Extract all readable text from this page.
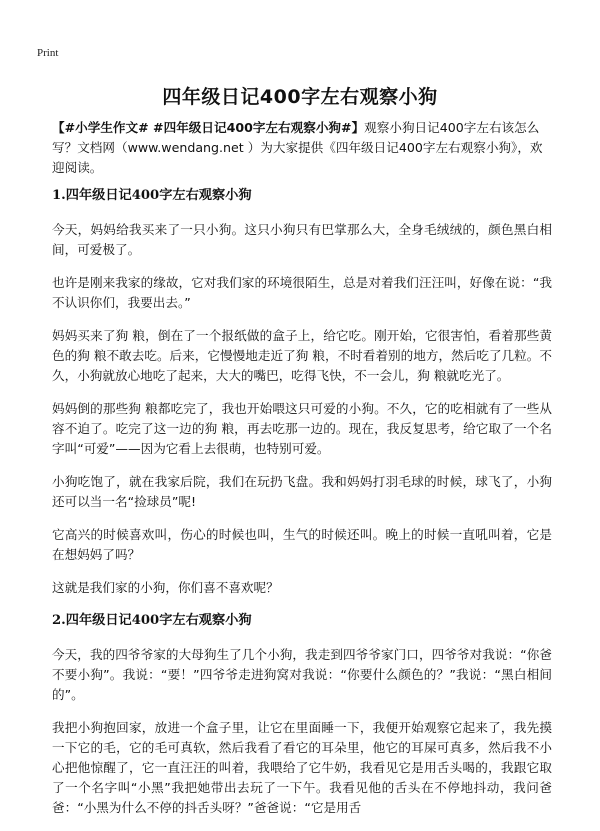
Print
四年级日记400字左右观察小狗

【#小学生作文# #四年级日记400字左右观察小狗#】观察小狗日记400字左右该怎么写？文档网（www.wendang.net ）为大家提供《四年级日记400字左右观察小狗》，欢迎阅读。

1.四年级日记400字左右观察小狗

今天，妈妈给我买来了一只小狗。这只小狗只有巴掌那么大，全身毛绒绒的，颜色黑白相间，可爱极了。

也许是刚来我家的缘故，它对我们家的环境很陌生，总是对着我们汪汪叫，好像在说：“我不认识你们，我要出去。”

妈妈买来了狗 粮，倒在了一个报纸做的盒子上，给它吃。刚开始，它很害怕，看着那些黄色的狗 粮不敢去吃。后来，它慢慢地走近了狗 粮，不时看着别的地方，然后吃了几粒。不久，小狗就放心地吃了起来，大大的嘴巴，吃得飞快，不一会儿，狗 粮就吃光了。

妈妈倒的那些狗 粮都吃完了，我也开始喂这只可爱的小狗。不久，它的吃相就有了一些从容不迫了。吃完了这一边的狗 粮，再去吃那一边的。现在，我反复思考，给它取了一个名字叫“可爱”——因为它看上去很萌，也特别可爱。

小狗吃饱了，就在我家后院，我们在玩扔飞盘。我和妈妈打羽毛球的时候，球飞了，小狗还可以当一名“捡球员”呢!

它高兴的时候喜欢叫，伤心的时候也叫，生气的时候还叫。晚上的时候一直吼叫着，它是在想妈妈了吗？

这就是我们家的小狗，你们喜不喜欢呢？

2.四年级日记400字左右观察小狗

今天，我的四爷爷家的大母狗生了几个小狗，我走到四爷爷家门口，四爷爷对我说：“你爸不要小狗”。我说：“要！”四爷爷走进狗窝对我说：“你要什么颜色的？”我说：“黑白相间的”。

我把小狗抱回家，放进一个盒子里，让它在里面睡一下，我便开始观察它起来了，我先摸一下它的毛，它的毛可真软，然后我看了看它的耳朵里，他它的耳屎可真多，然后我不小心把他惊醒了，它一直汪汪的叫着，我喂给了它牛奶，我看见它是用舌头喝的，我跟它取了一个名字叫“小黑”我把她带出去玩了一下午。我看见他的舌头在不停地抖动，我问爸爸：“小黑为什么不停的抖舌头呀？”爸爸说：“它是用舌
